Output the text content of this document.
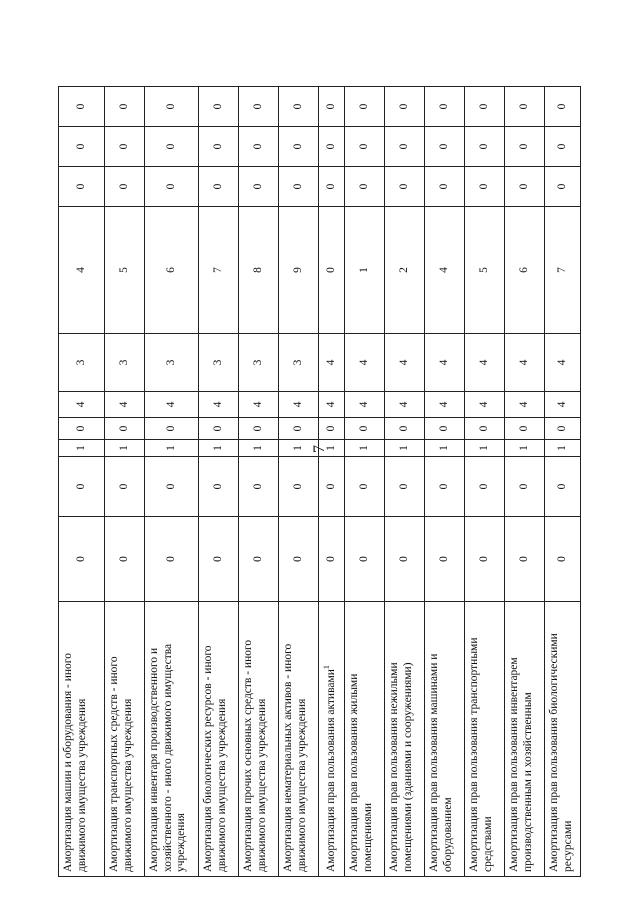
7
Амортизация машин и оборудования - иного движимого имущества учреждения	0	0	1	0	4	3	4	0	0	0
Амортизация транспортных средств - иного движимого имущества учреждения	0	0	1	0	4	3	5	0	0	0
Амортизация инвентаря производственного и хозяйственного - иного движимого имущества учреждения	0	0	1	0	4	3	6	0	0	0
Амортизация биологических ресурсов - иного движимого имущества учреждения	0	0	1	0	4	3	7	0	0	0
Амортизация прочих основных средств - иного движимого имущества учреждения	0	0	1	0	4	3	8	0	0	0
Амортизация нематериальных активов - иного движимого имущества учреждения	0	0	1	0	4	3	9	0	0	0
Амортизация прав пользования активами$^1$	0	0	1	0	4	4	0	0	0	0
Амортизация прав пользования жилыми помещениями	0	0	1	0	4	4	1	0	0	0
Амортизация прав пользования нежилыми помещениями (зданиями и сооружениями)	0	0	1	0	4	4	2	0	0	0
Амортизация прав пользования машинами и оборудованием	0	0	1	0	4	4	4	0	0	0
Амортизация прав пользования транспортными средствами	0	0	1	0	4	4	5	0	0	0
Амортизация прав пользования инвентарем производственным и хозяйственным	0	0	1	0	4	4	6	0	0	0
Амортизация прав пользования биологическими ресурсами	0	0	1	0	4	4	7	0	0	0
